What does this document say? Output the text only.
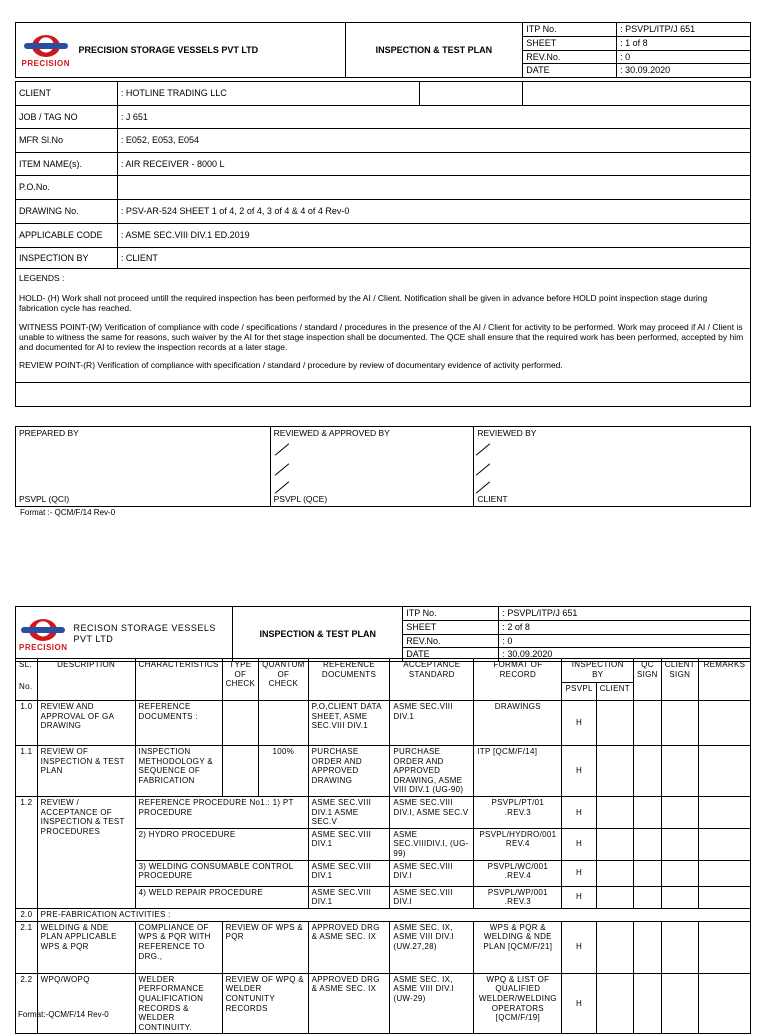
PRECISION	PRECISION STORAGE VESSELS PVT LTD	INSPECTION & TEST PLAN	ITP No.	: PSVPL/ITP/J 651
			SHEET	: 1 of 8
			REV.No.	: 0
			DATE	: 30.09.2020
CLIENT	: HOTLINE TRADING LLC		
JOB / TAG NO	: J 651		
MFR Sl.No	: E052, E053, E054		
ITEM NAME(s).	: AIR RECEIVER - 8000 L		
P.O.No.			
DRAWING No.	: PSV-AR-524 SHEET 1 of 4, 2 of 4, 3 of 4 & 4 of 4 Rev-0		
APPLICABLE CODE	: ASME SEC.VIII DIV.1 ED.2019		
INSPECTION BY	: CLIENT		

LEGENDS :

HOLD- (H) Work shall not proceed untill the required inspection has been performed by the AI / Client. Notification shall be given in advance before HOLD point inspection stage during fabrication cycle has reached.

WITNESS POINT-(W) Verification of compliance with code / specifications / standard / procedures in the presence of the AI / Client for activity to be performed. Work may proceed if AI / Client is unable to witness the same for reasons, such waiver by the AI for thet stage inspection shall be documented. The QCE shall ensure that the required work has been performed, accepted by him and documented for AI to review the inspection records at a later stage.

REVIEW POINT-(R) Verification of compliance with specification / standard / procedure by review of documentary evidence of activity performed.			

PREPARED BY
PSVPL (QCI)

REVIEWED & APPROVED BY
PSVPL (QCE)

REVIEWED BY
CLIENT
Format :- QCM/F/14 Rev-0
PRECISION	RECISON STORAGE VESSELS PVT LTD	INSPECTION & TEST PLAN	ITP No.	: PSVPL/ITP/J 651
			SHEET	: 2 of 8
			REV.No.	: 0
			DATE	: 30.09.2020
SL.
No.	DESCRIPTION	CHARACTERISTICS	TYPE OF CHECK	QUANTUM OF CHECK	REFERENCE DOCUMENTS	ACCEPTANCE STANDARD	FORMAT OF RECORD	INSPECTION BY		QC SIGN	CLIENT SIGN	REMARKS
								PSVPL	CLIENT			
1.0	REVIEW AND APPROVAL OF GA DRAWING	REFERENCE DOCUMENTS :			P.O,CLIENT DATA SHEET, ASME SEC.VIII DIV.1	ASME SEC.VIII DIV.1	DRAWINGS	H				
1.1	REVIEW OF INSPECTION & TEST PLAN	INSPECTION METHODOLOGY & SEQUENCE OF FABRICATION		100%	PURCHASE ORDER AND APPROVED DRAWING	PURCHASE ORDER AND APPROVED DRAWING, ASME VIII DIV.1 (UG-90)	ITP [QCM/F/14]	H				
1.2	REVIEW / ACCEPTANCE OF INSPECTION & TEST PROCEDURES	REFERENCE PROCEDURE No1.: 1) PT PROCEDURE			ASME SEC.VIII DIV.1 ASME SEC.V	ASME SEC.VIII DIV.I, ASME SEC.V	PSVPL/PT/01 .REV.3	H				
		2) HYDRO PROCEDURE			ASME SEC.VIII DIV.1	ASME SEC.VIIIDIV.I, (UG-99)	PSVPL/HYDRO/001 REV.4	H				
		3) WELDING CONSUMABLE CONTROL PROCEDURE			ASME SEC.VIII DIV.1	ASME SEC.VIII DIV.I	PSVPL/WC/001 .REV.4	H				
		4) WELD REPAIR PROCEDURE			ASME SEC.VIII DIV.1	ASME SEC.VIII DIV.I	PSVPL/WP/001 .REV.3	H				
2.0	PRE-FABRICATION ACTIVITIES :											
2.1	WELDING & NDE PLAN APPLICABLE WPS & PQR	COMPLIANCE OF WPS & PQR WITH REFERENCE TO DRG.,	REVIEW OF WPS & PQR		APPROVED DRG & ASME SEC. IX	ASME SEC. IX, ASME VIII DIV.I (UW.27,28)	WPS & PQR & WELDING & NDE PLAN [QCM/F/21]	H				
2.2	WPQ/WOPQ	WELDER PERFORMANCE QUALIFICATION RECORDS & WELDER CONTINUITY.	REVIEW OF WPQ & WELDER CONTUNITY RECORDS		APPROVED DRG & ASME SEC. IX	ASME SEC. IX, ASME VIII DIV.I (UW-29)	WPQ & LIST OF QUALIFIED WELDER/WELDING OPERATORS [QCM/F/19]	H				
Format:-QCM/F/14 Rev-0
